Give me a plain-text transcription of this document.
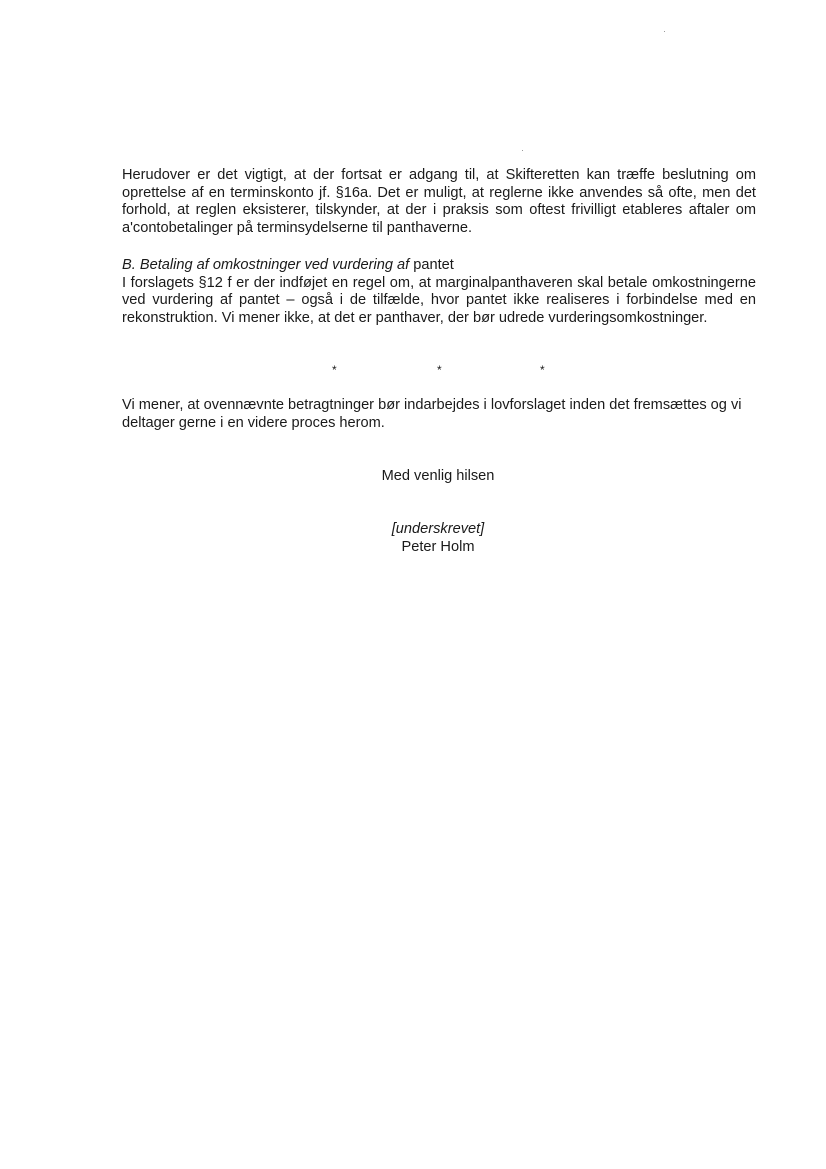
Herudover er det vigtigt, at der fortsat er adgang til, at Skifteretten kan træffe beslutning om oprettelse af en terminskonto jf. §16a. Det er muligt, at reglerne ikke anvendes så ofte, men det forhold, at reglen eksisterer, tilskynder, at der i praksis som oftest frivilligt etableres aftaler om a'contobetalinger på terminsydelserne til panthaverne.

B. Betaling af omkostninger ved vurdering af pantet
I forslagets §12 f er der indføjet en regel om, at marginalpanthaveren skal betale omkostningerne ved vurdering af pantet – også i de tilfælde, hvor pantet ikke realiseres i forbindelse med en rekonstruktion. Vi mener ikke, at det er panthaver, der bør udrede vurderingsomkostninger.
*	*	*

Vi mener, at ovennævnte betragtninger bør indarbejdes i lovforslaget inden det fremsættes og vi deltager gerne i en videre proces herom.

Med venlig hilsen
[underskrevet]
Peter Holm
